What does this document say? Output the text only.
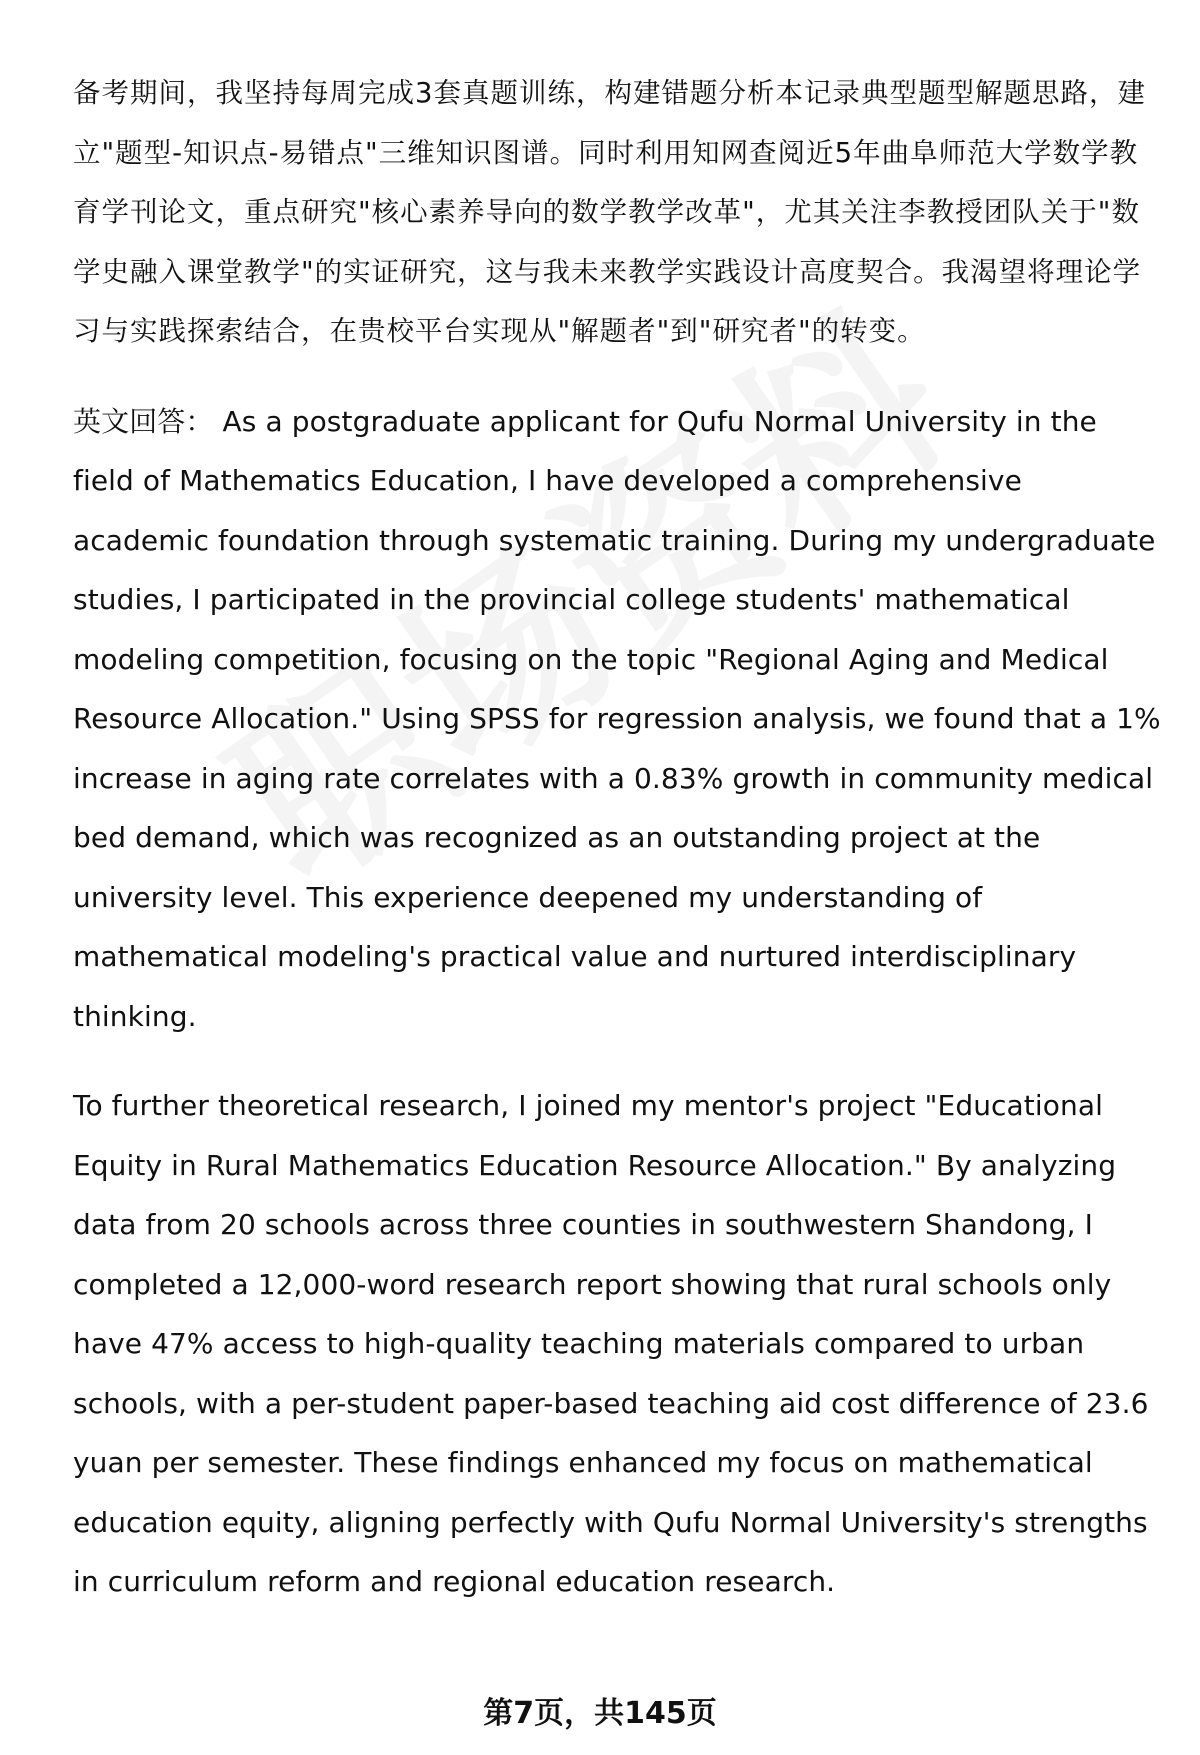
备考期间，我坚持每周完成3套真题训练，构建错题分析本记录典型题型解题思路，建立"题型-知识点-易错点"三维知识图谱。同时利用知网查阅近5年曲阜师范大学数学教育学刊论文，重点研究"核心素养导向的数学教学改革"，尤其关注李教授团队关于"数学史融入课堂教学"的实证研究，这与我未来教学实践设计高度契合。我渴望将理论学习与实践探索结合，在贵校平台实现从"解题者"到"研究者"的转变。

英文回答： As a postgraduate applicant for Qufu Normal University in the field of Mathematics Education, I have developed a comprehensive academic foundation through systematic training. During my undergraduate studies, I participated in the provincial college students' mathematical modeling competition, focusing on the topic "Regional Aging and Medical Resource Allocation." Using SPSS for regression analysis, we found that a 1% increase in aging rate correlates with a 0.83% growth in community medical bed demand, which was recognized as an outstanding project at the university level. This experience deepened my understanding of mathematical modeling's practical value and nurtured interdisciplinary thinking.

To further theoretical research, I joined my mentor's project "Educational Equity in Rural Mathematics Education Resource Allocation." By analyzing data from 20 schools across three counties in southwestern Shandong, I completed a 12,000-word research report showing that rural schools only have 47% access to high-quality teaching materials compared to urban schools, with a per-student paper-based teaching aid cost difference of 23.6 yuan per semester. These findings enhanced my focus on mathematical education equity, aligning perfectly with Qufu Normal University's strengths in curriculum reform and regional education research.

第7页，共145页
